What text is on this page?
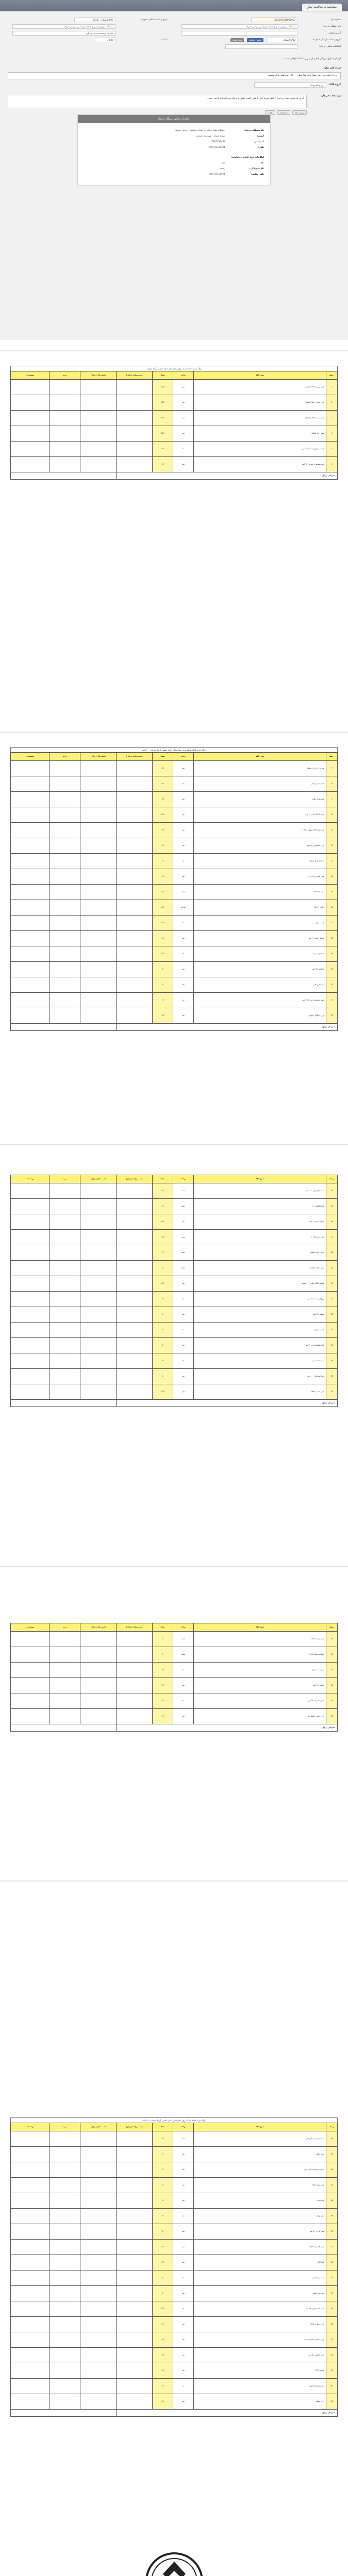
مشخصات مناقصه ساز
شماره نیاز:
1203002346000017
نام دستگاه خریدار:
دانشگاه علوم پزشکی و خدمات بهداشتی درمانی جیرفت
آدرس تحویل:
تاریخ و ساعت ارسال پاسخ تا:
1402/05/02
نمایش جزئیات
پیش نویس
اطلاعات تماس خریدار:
تاریخ و ساعت اعلان عمومی:
1402/04/28 - 12:45
دانشگاه علوم پزشکی و خدمات بهداشتی درمانی جیرفت
معاونت توسعه مدیریت و منابع
ساعت:
14:00
ارسال مدارک ارزیابی کیفی از طریق سامانه الزامی است.
شرح کلی نیاز:
خرید اجناس مورد نیاز شبکه برق بیمارستان — ۴۶ ردیف طبق فایل پیوست
گروه کالا:
برق و الکترونیک
توضیحات خریدار:
ایران کد مشابه است. پرداخت ۴ ماهه. هزینه حمل با تامین کننده. تکمیل و ارسال فرم استعلام الزامی است.
پیوست ها
مشاهده
چاپ
اطلاعات تماس دستگاه خریدار
نام دستگاه خریدار:
دانشگاه علوم پزشکی و خدمات بهداشتی درمانی جیرفت
آدرس:
استان کرمان - شهرستان جیرفت
کد پستی:
7861756447
تلفن:
034-43310521
اطلاعات ایجاد کننده درخواست:
نام:
علی
نام خانوادگی:
رستمی
تلفن تماس:
034-43310521
برگه خرید اقلام شبکه برق بیمارستان امام خمینی (ره) جیرفت
ردیف	شرح کالا	واحد	تعداد	قیمت واحد (ریال)	قیمت کل (ریال)	برند	توضیحات
1	کابل مسی ۴×۱۶ افشان	متر	200				
2	کابل مسی ۳×۲٫۵ افشان	متر	500				
3	کابل مسی ۳×۱٫۵ افشان	متر	500				
4	سیم ۱×۶ افشان	متر	300				
5	کلید مینیاتوری تک پل ۱۶ آمپر	عدد	40				
6	کلید مینیاتوری سه پل ۳۲ آمپر	عدد	10				
جمع کل (ریال)							
برگه خرید اقلام شبکه برق بیمارستان امام خمینی (ره) جیرفت — ادامه
ردیف	شرح کالا	واحد	تعداد	قیمت واحد (ریال)	قیمت کل (ریال)	برند	توضیحات
7	پریز برق ارت دار توکار	عدد	60				
8	کلید یک پل توکار	عدد	40				
9	کلید دو پل توکار	عدد	30				
10	لامپ LED حبابی ۲۰ وات	عدد	200				
11	چراغ پنل LED سقفی ۶۰×۶۰	عدد	50				
12	چراغ اضطراری شارژی	عدد	20				
13	محافظ ولتاژ یخچال	عدد	15				
14	سه راهی برق ارت دار	عدد	40				
15	داکت ۲۵×۲۵	شاخه	100				
16	داکت ۴۰×۲۵	شاخه	80				
17	چسب برق	عدد	100				
18	ترمینال پیچی ۱۲ تایی	عدد	50				
19	کابلشو مسی ۱۶	عدد	100				
20	کنتاکتور ۳۲ آمپر	عدد	6				
21	رله کنترل فاز	عدد	6				
22	فیوز مینیاتوری دو پل ۲۵ آمپر	عدد	12				
23	چراغ سیگنال تابلویی	عدد	20				
جمع کل (ریال)							
ردیف	شرح کالا	واحد	تعداد	قیمت واحد (ریال)	قیمت کل (ریال)	برند	توضیحات
24	بست کمربندی ۳۰ سانتی	بسته	50				
25	لوله فلکسی ۱۶	حلقه	20				
26	قوطی تقسیم ۱۰×۱۰	عدد	60				
27	پیچ و رول پلاک ۶	بسته	30				
28	سیم ۱×۲٫۵ افشان	حلقه	15				
29	سیم ۱×۱٫۵ افشان	حلقه	15				
30	مهتابی LED خطی ۱۲۰ سانتی	عدد	80				
31	پروژکتور LED ۱۰۰ وات	عدد	10				
32	فتوسل ۲۵ آمپر	عدد	8				
33	تایمر دیجیتال	عدد	5				
34	کلید محافظ جان ۴۰ آمپر	عدد	6				
35	ارت شینه مسی	عدد	10				
36	کلید اتوماتیک ۱۰۰ آمپر	عدد	2				
37	کابل مسی ۴×۲۵	متر	100				
جمع کل (ریال)							
ردیف	شرح کالا	واحد	تعداد	قیمت واحد (ریال)	قیمت کل (ریال)	برند	توضیحات
38	کابل شبکه CAT6	حلقه	5				
39	سوکت شبکه RJ45	بسته	5				
40	پریز شبکه توکار	عدد	30				
41	آداپتور ۱۲ ولت	عدد	20				
42	باتری ۱۲ ولت ۷ آمپر	عدد	20				
43	چراغ خروج اضطراری	عدد	15				
جمع کل (ریال)							
برگه خرید اقلام شبکه برق بیمارستان امام خمینی (ره) جیرفت — ادامه
ردیف	شرح کالا	واحد	تعداد	قیمت واحد (ریال)	قیمت کل (ریال)	برند	توضیحات
44	سرسیم مسی عایق دار	بسته	20				
45	هویه و قلع	عدد	3				
46	اسپری تمیزکننده تابلو برق	عدد	12				
47	چراغ ریلی LED	عدد	25				
48	کلید تبدیل	عدد	15				
49	دیمر توکار	عدد	6				
50	فیوز کاردی ۶۳ آمپر	عدد	6				
51	کابل افشان ۲×۰٫۷۵	متر	200				
52	گلند کابل	عدد	30				
53	ولت متر تابلویی	عدد	4				
54	آمپر متر تابلویی	عدد	4				
55	لامپ کم مصرف ۱۸ وات	عدد	100				
56	چراغ دیواری LED	عدد	20				
57	چراغ سقفی توکار ۱۸ وات	عدد	40				
58	لامپ هالوژن ۵۰ وات	عدد	30				
59	سرپیچ E27	عدد	50				
60	ترانس چراغ هالوژن	عدد	10				
61	درب قوطی	عدد	50				
جمع کل (ریال)							
